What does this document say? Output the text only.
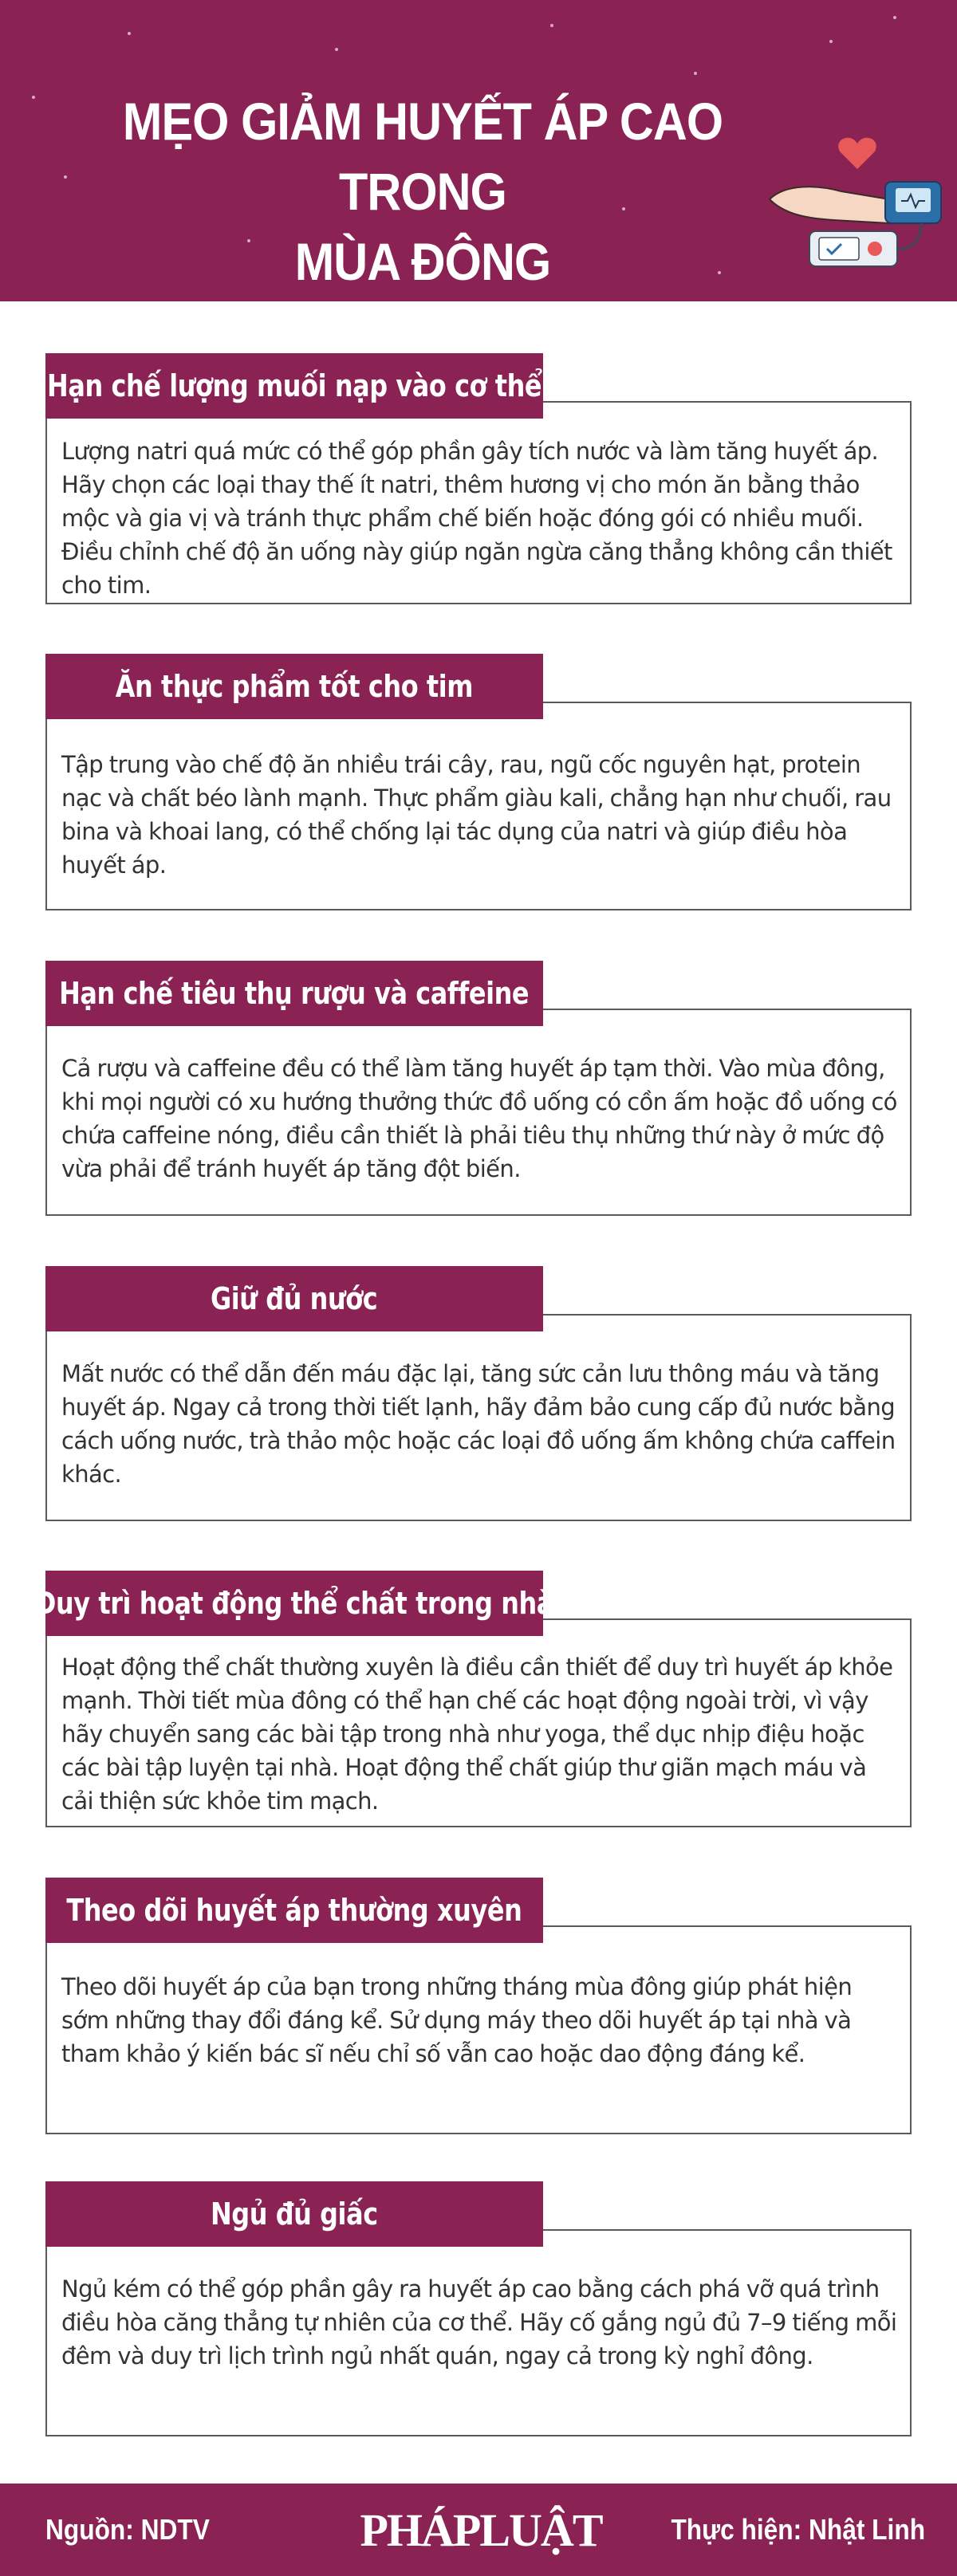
MẸO GIẢM HUYẾT ÁP CAO TRONG
MÙA ĐÔNG

Lượng natri quá mức có thể góp phần gây tích nước và làm tăng huyết áp. Hãy chọn các loại thay thế ít natri, thêm hương vị cho món ăn bằng thảo mộc và gia vị và tránh thực phẩm chế biến hoặc đóng gói có nhiều muối. Điều chỉnh chế độ ăn uống này giúp ngăn ngừa căng thẳng không cần thiết cho tim.

Hạn chế lượng muối nạp vào cơ thể

Tập trung vào chế độ ăn nhiều trái cây, rau, ngũ cốc nguyên hạt, protein nạc và chất béo lành mạnh. Thực phẩm giàu kali, chẳng hạn như chuối, rau bina và khoai lang, có thể chống lại tác dụng của natri và giúp điều hòa huyết áp.

Ăn thực phẩm tốt cho tim

Cả rượu và caffeine đều có thể làm tăng huyết áp tạm thời. Vào mùa đông, khi mọi người có xu hướng thưởng thức đồ uống có cồn ấm hoặc đồ uống có chứa caffeine nóng, điều cần thiết là phải tiêu thụ những thứ này ở mức độ vừa phải để tránh huyết áp tăng đột biến.

Hạn chế tiêu thụ rượu và caffeine

Mất nước có thể dẫn đến máu đặc lại, tăng sức cản lưu thông máu và tăng huyết áp. Ngay cả trong thời tiết lạnh, hãy đảm bảo cung cấp đủ nước bằng cách uống nước, trà thảo mộc hoặc các loại đồ uống ấm không chứa caffein khác.

Giữ đủ nước

Hoạt động thể chất thường xuyên là điều cần thiết để duy trì huyết áp khỏe mạnh. Thời tiết mùa đông có thể hạn chế các hoạt động ngoài trời, vì vậy hãy chuyển sang các bài tập trong nhà như yoga, thể dục nhịp điệu hoặc các bài tập luyện tại nhà. Hoạt động thể chất giúp thư giãn mạch máu và cải thiện sức khỏe tim mạch.

Duy trì hoạt động thể chất trong nhà

Theo dõi huyết áp của bạn trong những tháng mùa đông giúp phát hiện sớm những thay đổi đáng kể. Sử dụng máy theo dõi huyết áp tại nhà và tham khảo ý kiến bác sĩ nếu chỉ số vẫn cao hoặc dao động đáng kể.

Theo dõi huyết áp thường xuyên

Ngủ kém có thể góp phần gây ra huyết áp cao bằng cách phá vỡ quá trình điều hòa căng thẳng tự nhiên của cơ thể. Hãy cố gắng ngủ đủ 7–9 tiếng mỗi đêm và duy trì lịch trình ngủ nhất quán, ngay cả trong kỳ nghỉ đông.

Ngủ đủ giấc
Nguồn: NDTV	PHÁPLUẬT Thực hiện: Nhật Linh
